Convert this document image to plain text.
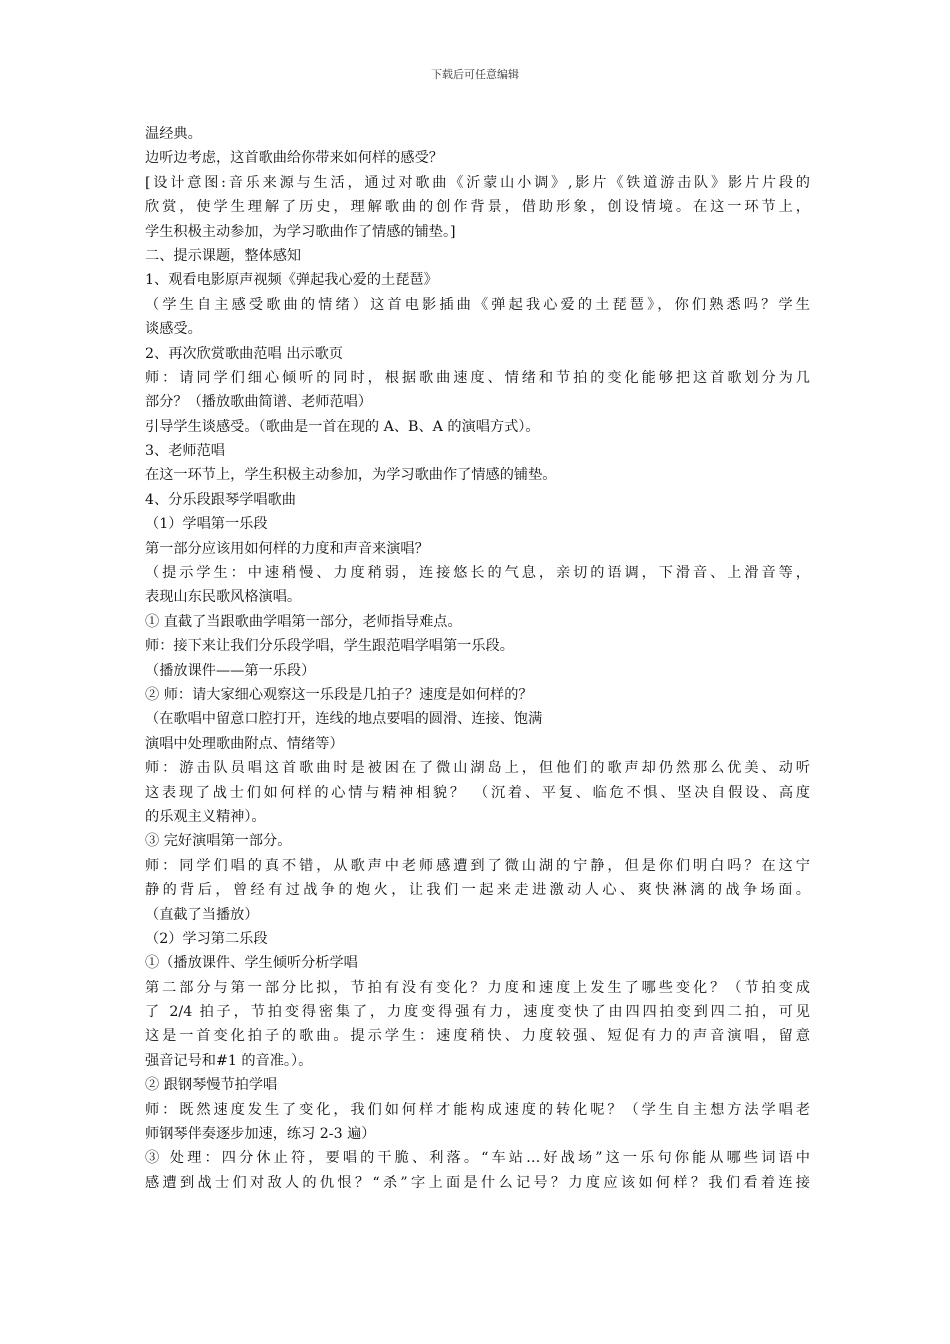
下载后可任意编辑
温经典。
边听边考虑，这首歌曲给你带来如何样的感受？
[设计意图:音乐来源与生活，通过对歌曲《沂蒙山小调》,影片《铁道游击队》影片片段的
欣赏，使学生理解了历史，理解歌曲的创作背景，借助形象，创设情境。在这一环节上，
学生积极主动参加，为学习歌曲作了情感的铺垫。]
二、提示课题，整体感知
1、观看电影原声视频《弹起我心爱的土琵琶》
（学生自主感受歌曲的情绪）这首电影插曲《弹起我心爱的土琵琶》，你们熟悉吗？学生
谈感受。
2、再次欣赏歌曲范唱 出示歌页
师：请同学们细心倾听的同时，根据歌曲速度、情绪和节拍的变化能够把这首歌划分为几
部分？（播放歌曲简谱、老师范唱）
引导学生谈感受。（歌曲是一首在现的 A、B、A 的演唱方式）。
3、老师范唱
在这一环节上，学生积极主动参加，为学习歌曲作了情感的铺垫。
4、分乐段跟琴学唱歌曲
（1）学唱第一乐段
第一部分应该用如何样的力度和声音来演唱？
（提示学生：中速稍慢、力度稍弱，连接悠长的气息，亲切的语调，下滑音、上滑音等，
表现山东民歌风格演唱。
① 直截了当跟歌曲学唱第一部分，老师指导难点。
师：接下来让我们分乐段学唱，学生跟范唱学唱第一乐段。
（播放课件——第一乐段）
② 师：请大家细心观察这一乐段是几拍子？速度是如何样的？
（在歌唱中留意口腔打开，连线的地点要唱的圆滑、连接、饱满
演唱中处理歌曲附点、情绪等）
师：游击队员唱这首歌曲时是被困在了微山湖岛上，但他们的歌声却仍然那么优美、动听
这表现了战士们如何样的心情与精神相貌？ （沉着、平复、临危不惧、坚决自假设、高度
的乐观主义精神）。
③ 完好演唱第一部分。
师：同学们唱的真不错，从歌声中老师感遭到了微山湖的宁静，但是你们明白吗？在这宁
静的背后，曾经有过战争的炮火，让我们一起来走进激动人心、爽快淋漓的战争场面。
（直截了当播放）
（2）学习第二乐段
①（播放课件、学生倾听分析学唱
第二部分与第一部分比拟，节拍有没有变化？力度和速度上发生了哪些变化？（节拍变成
了 2/4 拍子，节拍变得密集了，力度变得强有力，速度变快了由四四拍变到四二拍，可见
这是一首变化拍子的歌曲。提示学生：速度稍快、力度较强、短促有力的声音演唱，留意
强音记号和#1 的音准。）。
② 跟钢琴慢节拍学唱
师：既然速度发生了变化，我们如何样才能构成速度的转化呢？（学生自主想方法学唱老
师钢琴伴奏逐步加速，练习 2-3 遍）
③ 处理：四分休止符，要唱的干脆、利落。“车站…好战场”这一乐句你能从哪些词语中
感遭到战士们对敌人的仇恨？“杀”字上面是什么记号？力度应该如何样？我们看着连接
